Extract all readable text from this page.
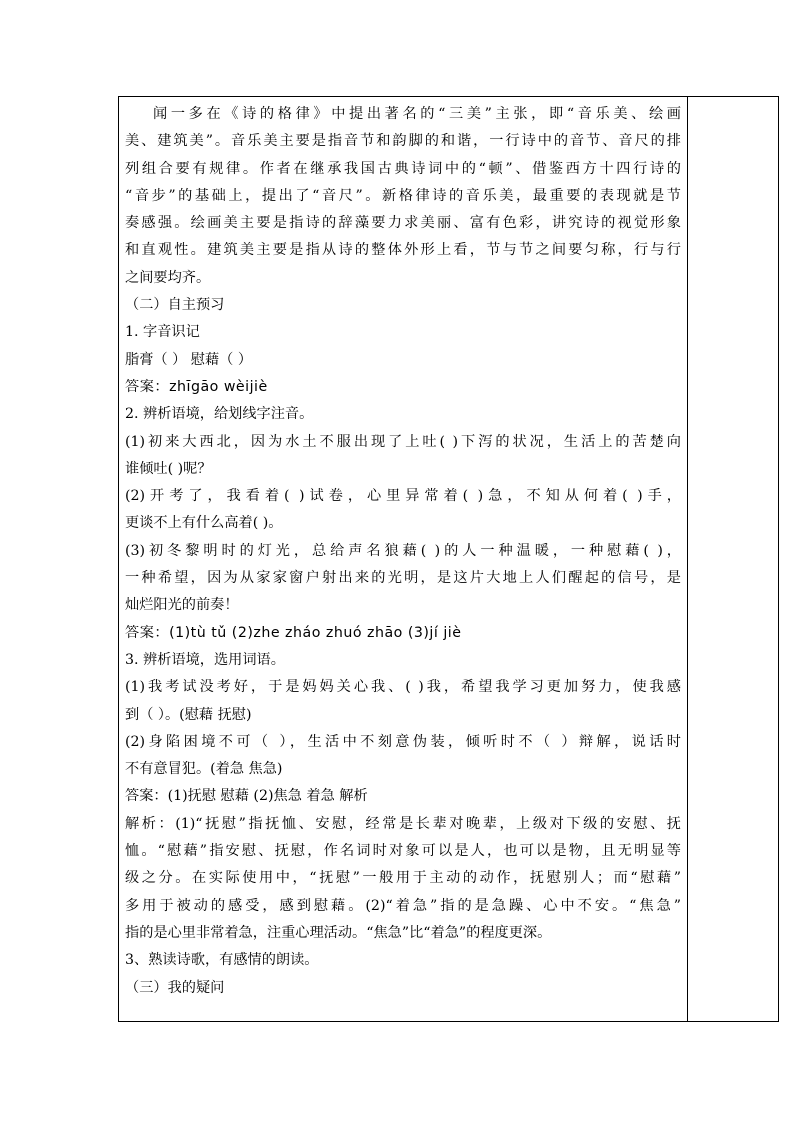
闻一多在《诗的格律》中提出著名的“三美”主张，即“音乐美、绘画
美、建筑美”。音乐美主要是指音节和韵脚的和谐，一行诗中的音节、音尺的排
列组合要有规律。作者在继承我国古典诗词中的“顿”、借鉴西方十四行诗的
“音步”的基础上，提出了“音尺”。新格律诗的音乐美，最重要的表现就是节
奏感强。绘画美主要是指诗的辞藻要力求美丽、富有色彩，讲究诗的视觉形象
和直观性。建筑美主要是指从诗的整体外形上看，节与节之间要匀称，行与行
之间要均齐。
（二）自主预习
1. 字音识记
脂膏（ ） 慰藉（ ）
答案：zhīgāo wèijiè
2. 辨析语境，给划线字注音。
(1)初来大西北，因为水土不服出现了上吐( )下泻的状况，生活上的苦楚向
谁倾吐( )呢？
(2)开考了，我看着( )试卷，心里异常着( )急，不知从何着( )手，
更谈不上有什么高着( )。
(3)初冬黎明时的灯光，总给声名狼藉( )的人一种温暖，一种慰藉( )，
一种希望，因为从家家窗户射出来的光明，是这片大地上人们醒起的信号，是
灿烂阳光的前奏！
答案：(1)tù tǔ (2)zhe zháo zhuó zhāo (3)jí jiè
3. 辨析语境，选用词语。
(1)我考试没考好，于是妈妈关心我、( )我，希望我学习更加努力，使我感
到（ ）。(慰藉 抚慰)
(2)身陷困境不可（ ），生活中不刻意伪装，倾听时不（ ）辩解，说话时
不有意冒犯。(着急 焦急)
答案：(1)抚慰 慰藉 (2)焦急 着急 解析
解析：(1)“抚慰”指抚恤、安慰，经常是长辈对晚辈，上级对下级的安慰、抚
恤。“慰藉”指安慰、抚慰，作名词时对象可以是人，也可以是物，且无明显等
级之分。在实际使用中，“抚慰”一般用于主动的动作，抚慰别人；而“慰藉”
多用于被动的感受，感到慰藉。(2)“着急”指的是急躁、心中不安。“焦急”
指的是心里非常着急，注重心理活动。“焦急”比“着急”的程度更深。
3、熟读诗歌，有感情的朗读。
（三）我的疑问
